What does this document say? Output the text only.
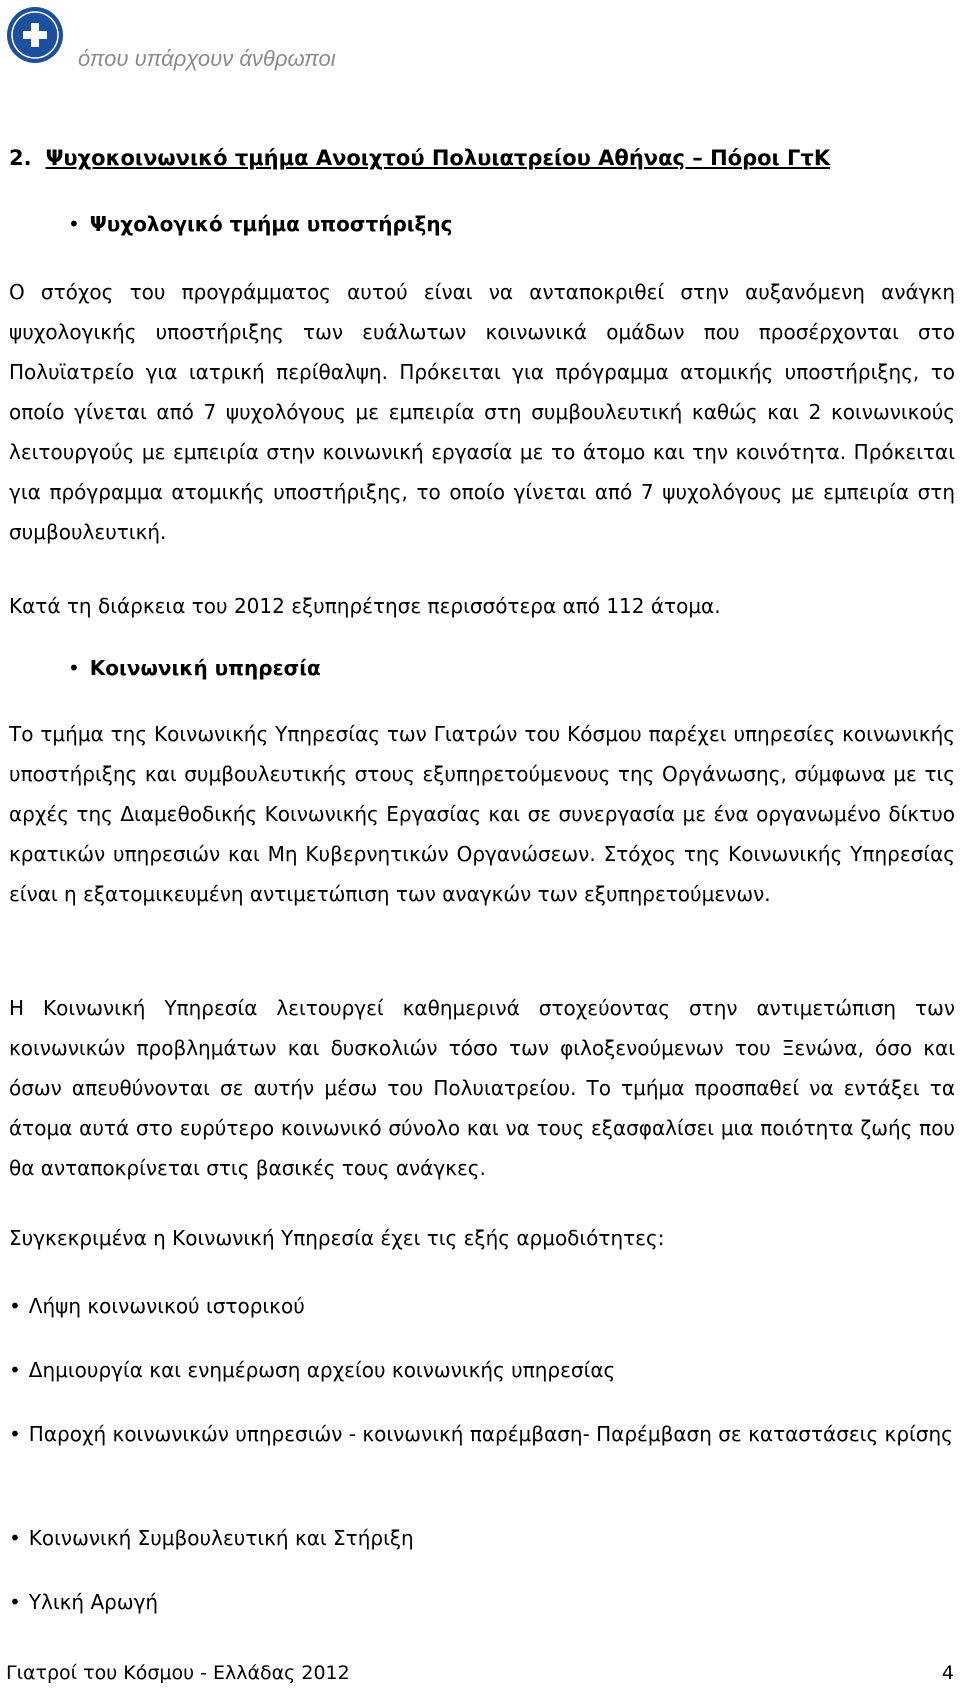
όπου υπάρχουν άνθρωποι
2. Ψυχοκοινωνικό τμήμα Ανοιχτού Πολυιατρείου Αθήνας – Πόροι ΓτΚ
• Ψυχολογικό τμήμα υποστήριξης

Ο στόχος του προγράμματος αυτού είναι να ανταποκριθεί στην αυξανόμενη ανάγκη ψυχολογικής υποστήριξης των ευάλωτων κοινωνικά ομάδων που προσέρχονται στο Πολυϊατρείο για ιατρική περίθαλψη. Πρόκειται για πρόγραμμα ατομικής υποστήριξης, το οποίο γίνεται από 7 ψυχολόγους με εμπειρία στη συμβουλευτική καθώς και 2 κοινωνικούς λειτουργούς με εμπειρία στην κοινωνική εργασία με το άτομο και την κοινότητα. Πρόκειται για πρόγραμμα ατομικής υποστήριξης, το οποίο γίνεται από 7 ψυχολόγους με εμπειρία στη συμβουλευτική.

Κατά τη διάρκεια του 2012 εξυπηρέτησε περισσότερα από 112 άτομα.

• Κοινωνική υπηρεσία

Το τμήμα της Κοινωνικής Υπηρεσίας των Γιατρών του Κόσμου παρέχει υπηρεσίες κοινωνικής υποστήριξης και συμβουλευτικής στους εξυπηρετούμενους της Οργάνωσης, σύμφωνα με τις αρχές της Διαμεθοδικής Κοινωνικής Εργασίας και σε συνεργασία με ένα οργανωμένο δίκτυο κρατικών υπηρεσιών και Μη Κυβερνητικών Οργανώσεων. Στόχος της Κοινωνικής Υπηρεσίας είναι η εξατομικευμένη αντιμετώπιση των αναγκών των εξυπηρετούμενων.

Η Κοινωνική Υπηρεσία λειτουργεί καθημερινά στοχεύοντας στην αντιμετώπιση των κοινωνικών προβλημάτων και δυσκολιών τόσο των φιλοξενούμενων του Ξενώνα, όσο και όσων απευθύνονται σε αυτήν μέσω του Πολυιατρείου. Το τμήμα προσπαθεί να εντάξει τα άτομα αυτά στο ευρύτερο κοινωνικό σύνολο και να τους εξασφαλίσει μια ποιότητα ζωής που θα ανταποκρίνεται στις βασικές τους ανάγκες.

Συγκεκριμένα η Κοινωνική Υπηρεσία έχει τις εξής αρμοδιότητες:

• Λήψη κοινωνικού ιστορικού

• Δημιουργία και ενημέρωση αρχείου κοινωνικής υπηρεσίας

• Παροχή κοινωνικών υπηρεσιών - κοινωνική παρέμβαση- Παρέμβαση σε καταστάσεις κρίσης

• Κοινωνική Συμβουλευτική και Στήριξη

• Υλική Αρωγή

Γιατροί του Κόσμου - Ελλάδας 2012	4
